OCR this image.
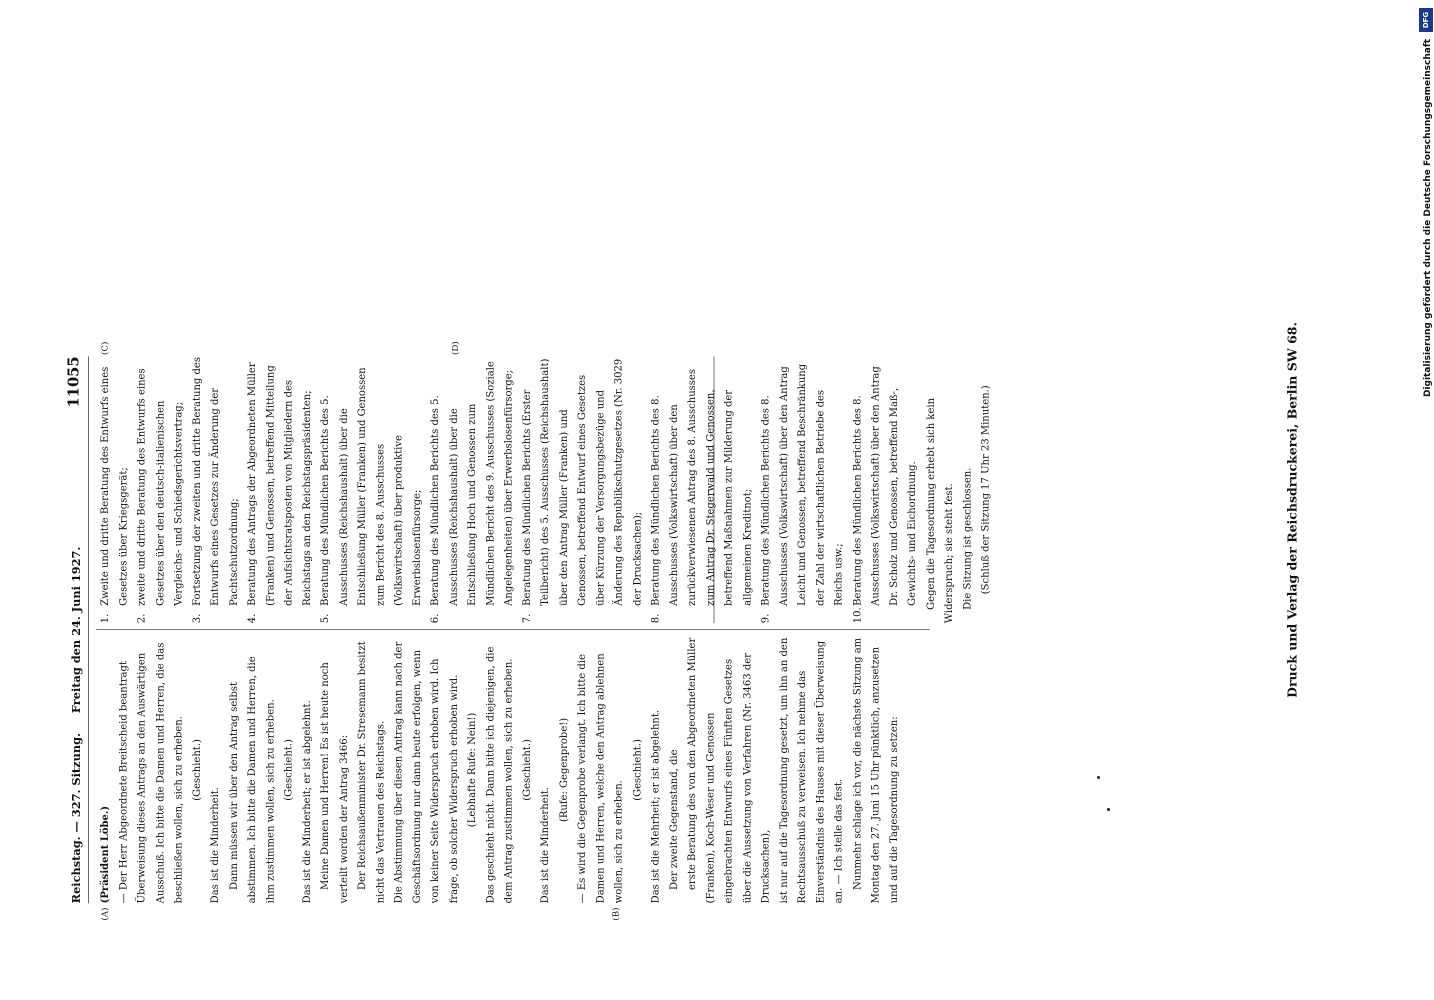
Reichstag. — 327. Sitzung.
Freitag den 24. Juni 1927.
11055
(A)	(B)
(C)	(D)

(Präsident Löbe.) — Der Herr Abgeordnete Breitscheid beantragt Überweisung dieses Antrags an den Auswärtigen Ausschuß. Ich bitte die Damen und Herren, die das beschließen wollen, sich zu erheben. (Geschieht.)

Das ist die Minderheit. Dann müssen wir über den Antrag selbst abstimmen. Ich bitte die Damen und Herren, die ihm zustimmen wollen, sich zu erheben. (Geschieht.) Das ist die Minderheit; er ist abgelehnt. Meine Damen und Herren! Es ist heute noch verteilt worden der Antrag 3466: Der Reichsaußenminister Dr. Stresemann besitzt nicht das Vertrauen des Reichstags. Die Abstimmung über diesen Antrag kann nach der Geschäftsordnung nur dann heute erfolgen, wenn von keiner Seite Widerspruch erhoben wird. Ich frage, ob solcher Widerspruch erhoben wird. (Lebhafte Rufe: Nein!) Das geschieht nicht. Dann bitte ich diejenigen, die dem Antrag zustimmen wollen, sich zu erheben. (Geschieht.)

Das ist die Minderheit.

(Rufe: Gegenprobe!) — Es wird die Gegenprobe verlangt. Ich bitte die Damen und Herren, welche den Antrag ablehnen wollen, sich zu erheben.

(Geschieht.) Das ist die Mehrheit; er ist abgelehnt. Der zweite Gegenstand, die erste Beratung des von den Abgeordneten Müller (Franken), Koch-Weser und Genossen eingebrachten Entwurfs eines Fünften Gesetzes über die Aussetzung von Verfahren (Nr. 3463 der Drucksachen), ist nur auf die Tagesordnung gesetzt, um ihn an den Rechtsausschuß zu verweisen. Ich nehme das Einverständnis des Hauses mit dieser Überweisung an. — Ich stelle das fest. Nunmehr schlage ich vor, die nächste Sitzung am Montag den 27. Juni 15 Uhr pünktlich, anzusetzen und auf die Tagesordnung zu setzen:

1.
Zweite und dritte Beratung des Entwurfs eines Gesetzes über Kriegsgerät;
2.
zweite und dritte Beratung des Entwurfs eines Gesetzes über den deutsch-italienischen Vergleichs- und Schiedsgerichtsvertrag;
3.
Fortsetzung der zweiten und dritte Beratung des Entwurfs eines Gesetzes zur Änderung der Pachtschutzordnung;
4.
Beratung des Antrags der Abgeordneten Müller (Franken) und Genossen, betreffend Mitteilung der Aufsichtsratsposten von Mitgliedern des Reichstags an den Reichstagspräsidenten;
5.
Beratung des Mündlichen Berichts des 5. Ausschusses (Reichshaushalt) über die Entschließung Müller (Franken) und Genossen zum Bericht des 8. Ausschusses (Volkswirtschaft) über produktive Erwerbslosenfürsorge;
6.
Beratung des Mündlichen Berichts des 5. Ausschusses (Reichshaushalt) über die Entschließung Hoch und Genossen zum Mündlichen Bericht des 9. Ausschusses (Soziale Angelegenheiten) über Erwerbslosenfürsorge;
7.
Beratung des Mündlichen Berichts (Erster Teilbericht) des 5. Ausschusses (Reichshaushalt) über den Antrag Müller (Franken) und Genossen, betreffend Entwurf eines Gesetzes über Kürzung der Versorgungsbezüge und Änderung des Republikschutzgesetzes (Nr. 3029 der Drucksachen);
8.
Beratung des Mündlichen Berichts des 8. Ausschusses (Volkswirtschaft) über den zurückverwiesenen Antrag des 8. Ausschusses zum Antrag Dr. Stegerwald und Genossen, betreffend Maßnahmen zur Milderung der allgemeinen Kreditnot;
9.
Beratung des Mündlichen Berichts des 8. Ausschusses (Volkswirtschaft) über den Antrag Leicht und Genossen, betreffend Beschränkung der Zahl der wirtschaftlichen Betriebe des Reichs usw.;
10.
Beratung des Mündlichen Berichts des 8. Ausschusses (Volkswirtschaft) über den Antrag Dr. Scholz und Genossen, betreffend Maß-, Gewichts- und Eichordnung. Gegen die Tagesordnung erhebt sich kein Widerspruch; sie steht fest. Die Sitzung ist geschlossen. (Schluß der Sitzung 17 Uhr 23 Minuten.)	Druck und Verlag der Reichsdruckerei, Berlin SW 68.
Digitalisierung gefördert durch die Deutsche Forschungsgemeinschaft
DFG
